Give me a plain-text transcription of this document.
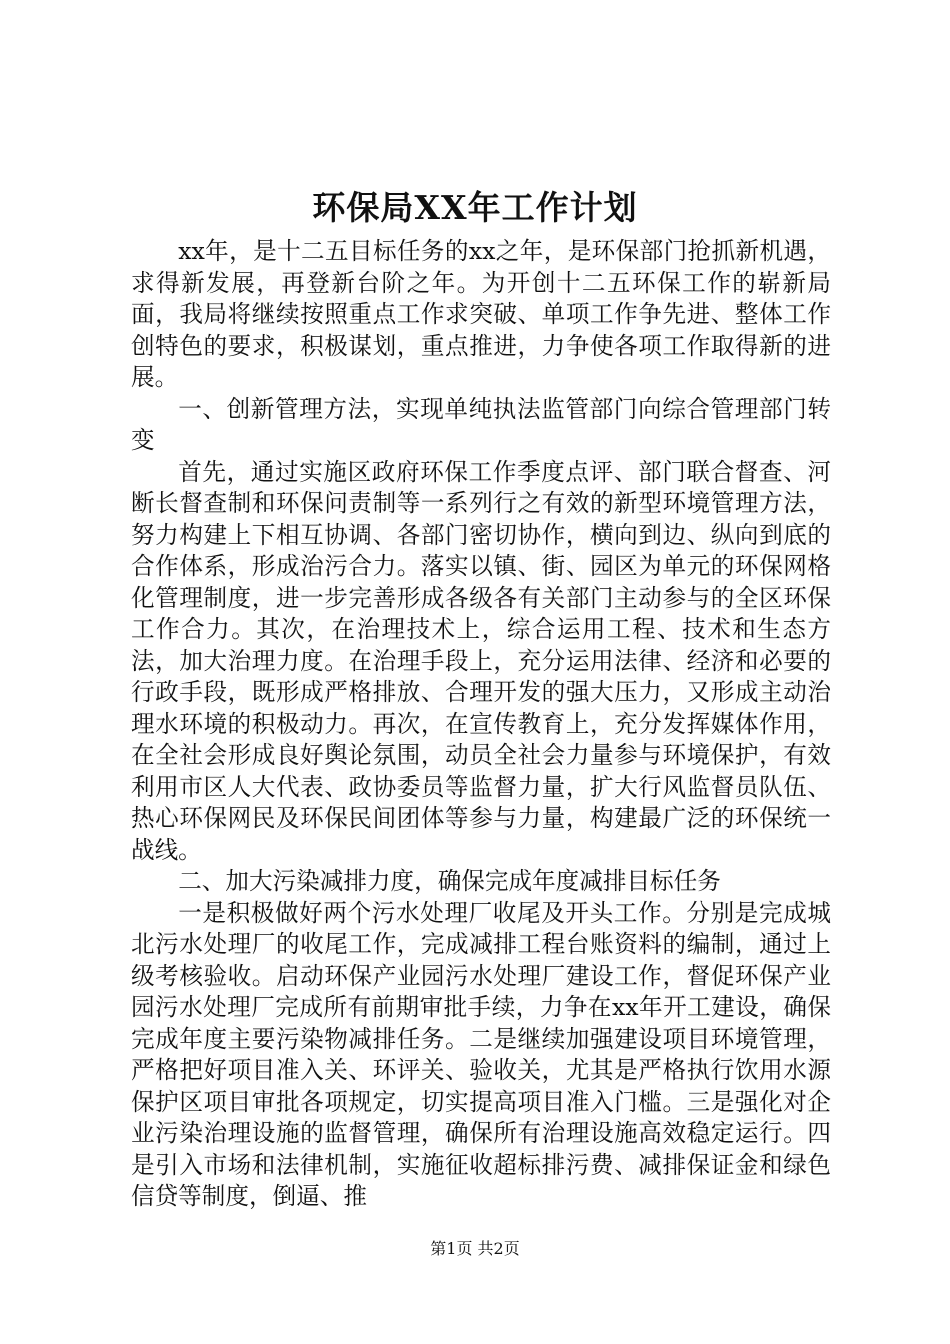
环保局XX年工作计划

xx年，是十二五目标任务的xx之年，是环保部门抢抓新机遇，求得新发展，再登新台阶之年。为开创十二五环保工作的崭新局面，我局将继续按照重点工作求突破、单项工作争先进、整体工作创特色的要求，积极谋划，重点推进，力争使各项工作取得新的进展。

一、创新管理方法，实现单纯执法监管部门向综合管理部门转变

首先，通过实施区政府环保工作季度点评、部门联合督查、河断长督查制和环保问责制等一系列行之有效的新型环境管理方法，努力构建上下相互协调、各部门密切协作，横向到边、纵向到底的合作体系，形成治污合力。落实以镇、街、园区为单元的环保网格化管理制度，进一步完善形成各级各有关部门主动参与的全区环保工作合力。其次，在治理技术上，综合运用工程、技术和生态方法，加大治理力度。在治理手段上，充分运用法律、经济和必要的行政手段，既形成严格排放、合理开发的强大压力，又形成主动治理水环境的积极动力。再次，在宣传教育上，充分发挥媒体作用，在全社会形成良好舆论氛围，动员全社会力量参与环境保护，有效利用市区人大代表、政协委员等监督力量，扩大行风监督员队伍、热心环保网民及环保民间团体等参与力量，构建最广泛的环保统一战线。

二、加大污染减排力度，确保完成年度减排目标任务

一是积极做好两个污水处理厂收尾及开头工作。分别是完成城北污水处理厂的收尾工作，完成减排工程台账资料的编制，通过上级考核验收。启动环保产业园污水处理厂建设工作，督促环保产业园污水处理厂完成所有前期审批手续，力争在xx年开工建设，确保完成年度主要污染物减排任务。二是继续加强建设项目环境管理，严格把好项目准入关、环评关、验收关，尤其是严格执行饮用水源保护区项目审批各项规定，切实提高项目准入门槛。三是强化对企业污染治理设施的监督管理，确保所有治理设施高效稳定运行。四是引入市场和法律机制，实施征收超标排污费、减排保证金和绿色信贷等制度，倒逼、推

第1页 共2页
